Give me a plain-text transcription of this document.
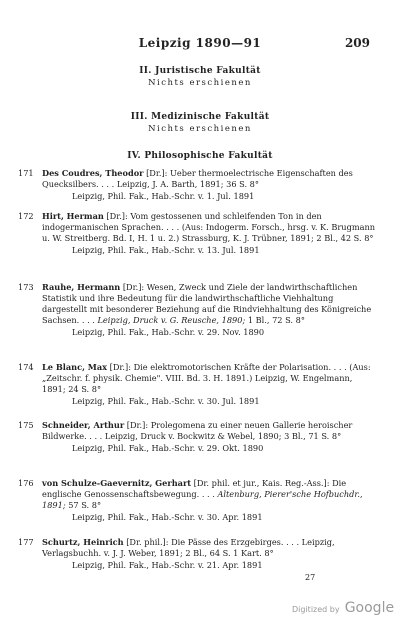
Leipzig 1890—91	209
II. Juristische Fakultät
Nichts erschienen
III. Medizinische Fakultät
Nichts erschienen
IV. Philosophische Fakultät
171	Des Coudres, Theodor [Dr.]: Ueber thermoelectrische Eigenschaften des Quecksilbers. . . . Leipzig, J. A. Barth, 1891; 36 S. 8°
Leipzig, Phil. Fak., Hab.-Schr. v. 1. Jul. 1891
172	Hirt, Herman [Dr.]: Vom gestossenen und schleifenden Ton in den indogermanischen Sprachen. . . . (Aus: Indogerm. Forsch., hrsg. v. K. Brugmann u. W. Streitberg. Bd. I, H. 1 u. 2.) Strassburg, K. J. Trübner, 1891; 2 Bl., 42 S. 8°
Leipzig, Phil. Fak., Hab.-Schr. v. 13. Jul. 1891
173	Rauhe, Hermann [Dr.]: Wesen, Zweck und Ziele der landwirthschaftlichen Statistik und ihre Bedeutung für die landwirthschaftliche Viehhaltung dargestellt mit besonderer Beziehung auf die Rindviehhaltung des Königreiche Sachsen. . . . Leipzig, Druck v. G. Reusche, 1890; 1 Bl., 72 S. 8°
Leipzig, Phil. Fak., Hab.-Schr. v. 29. Nov. 1890
174	Le Blanc, Max [Dr.]: Die elektromotorischen Kräfte der Polarisation. . . . (Aus: „Zeitschr. f. physik. Chemie". VIII. Bd. 3. H. 1891.) Leipzig, W. Engelmann, 1891; 24 S. 8°
Leipzig, Phil. Fak., Hab.-Schr. v. 30. Jul. 1891
175	Schneider, Arthur [Dr.]: Prolegomena zu einer neuen Gallerie heroischer Bildwerke. . . . Leipzig, Druck v. Bockwitz & Webel, 1890; 3 Bl., 71 S. 8°
Leipzig, Phil. Fak., Hab.-Schr. v. 29. Okt. 1890
176	von Schulze-Gaevernitz, Gerhart [Dr. phil. et jur., Kais. Reg.-Ass.]: Die englische Genossenschaftsbewegung. . . . Altenburg, Pierer'sche Hofbuchdr., 1891; 57 S. 8°
Leipzig, Phil. Fak., Hab.-Schr. v. 30. Apr. 1891
177	Schurtz, Heinrich [Dr. phil.]: Die Pässe des Erzgebirges. . . . Leipzig, Verlagsbuchh. v. J. J. Weber, 1891; 2 Bl., 64 S. 1 Kart. 8°
Leipzig, Phil. Fak., Hab.-Schr. v. 21. Apr. 1891
27
Digitized by Google
